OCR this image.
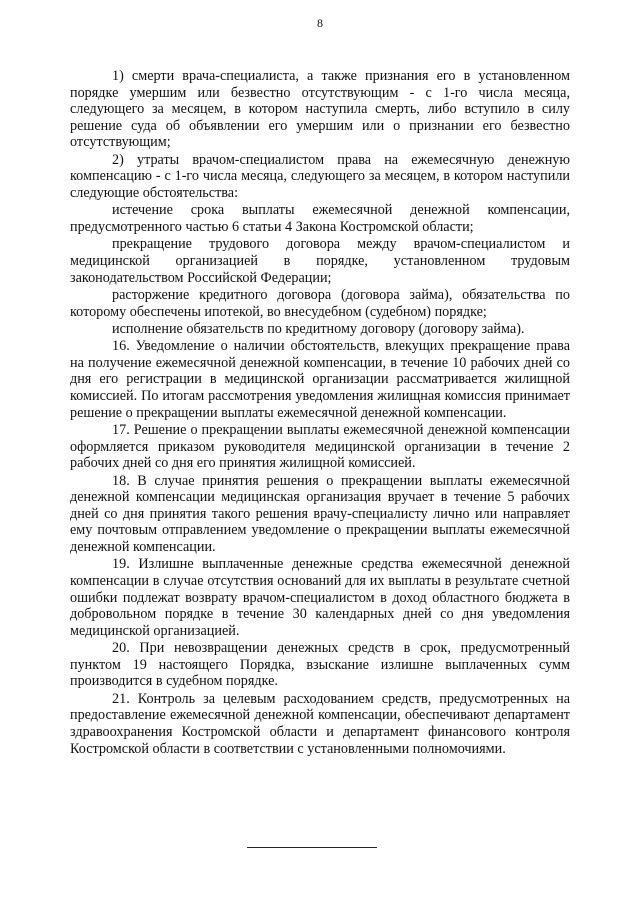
8

1) смерти врача-специалиста, а также признания его в установленном порядке умершим или безвестно отсутствующим - с 1-го числа месяца, следующего за месяцем, в котором наступила смерть, либо вступило в силу решение суда об объявлении его умершим или о признании его безвестно отсутствующим;

2) утраты врачом-специалистом права на ежемесячную денежную компенсацию - с 1-го числа месяца, следующего за месяцем, в котором наступили следующие обстоятельства:

истечение срока выплаты ежемесячной денежной компенсации, предусмотренного частью 6 статьи 4 Закона Костромской области;

прекращение трудового договора между врачом-специалистом и медицинской организацией в порядке, установленном трудовым законодательством Российской Федерации;

расторжение кредитного договора (договора займа), обязательства по которому обеспечены ипотекой, во внесудебном (судебном) порядке;

исполнение обязательств по кредитному договору (договору займа).

16. Уведомление о наличии обстоятельств, влекущих прекращение права на получение ежемесячной денежной компенсации, в течение 10 рабочих дней со дня его регистрации в медицинской организации рассматривается жилищной комиссией. По итогам рассмотрения уведомления жилищная комиссия принимает решение о прекращении выплаты ежемесячной денежной компенсации.

17. Решение о прекращении выплаты ежемесячной денежной компенсации оформляется приказом руководителя медицинской организации в течение 2 рабочих дней со дня его принятия жилищной комиссией.

18. В случае принятия решения о прекращении выплаты ежемесячной денежной компенсации медицинская организация вручает в течение 5 рабочих дней со дня принятия такого решения врачу-специалисту лично или направляет ему почтовым отправлением уведомление о прекращении выплаты ежемесячной денежной компенсации.

19. Излишне выплаченные денежные средства ежемесячной денежной компенсации в случае отсутствия оснований для их выплаты в результате счетной ошибки подлежат возврату врачом-специалистом в доход областного бюджета в добровольном порядке в течение 30 календарных дней со дня уведомления медицинской организацией.

20. При невозвращении денежных средств в срок, предусмотренный пунктом 19 настоящего Порядка, взыскание излишне выплаченных сумм производится в судебном порядке.

21. Контроль за целевым расходованием средств, предусмотренных на предоставление ежемесячной денежной компенсации, обеспечивают департамент здравоохранения Костромской области и департамент финансового контроля Костромской области в соответствии с установленными полномочиями.
